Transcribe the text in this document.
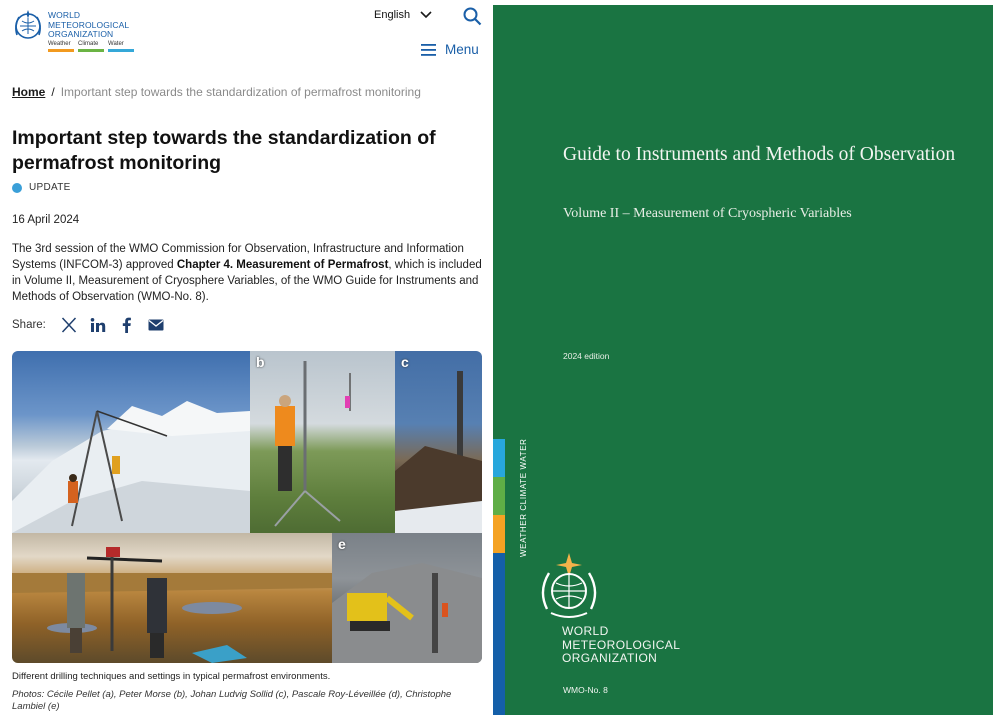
WORLD
METEOROLOGICAL
ORGANIZATION
Weather	Climate	Water
English
Menu
Home / Important step towards the standardization of permafrost monitoring
Important step towards the standardization of permafrost monitoring
UPDATE
16 April 2024

The 3rd session of the WMO Commission for Observation, Infrastructure and Information Systems (INFCOM-3) approved Chapter 4. Measurement of Permafrost, which is included in Volume II, Measurement of Cryosphere Variables, of the WMO Guide for Instruments and Methods of Observation (WMO-No. 8).

Share:
b	c
e
Different drilling techniques and settings in typical permafrost environments.
Photos: Cécile Pellet (a), Peter Morse (b), Johan Ludvig Sollid (c), Pascale Roy-Léveillée (d), Christophe Lambiel (e)
Guide to Instruments and Methods of Observation
Volume II – Measurement of Cryospheric Variables
2024 edition
WEATHER CLIMATE WATER
WORLD
METEOROLOGICAL
ORGANIZATION
WMO-No. 8
